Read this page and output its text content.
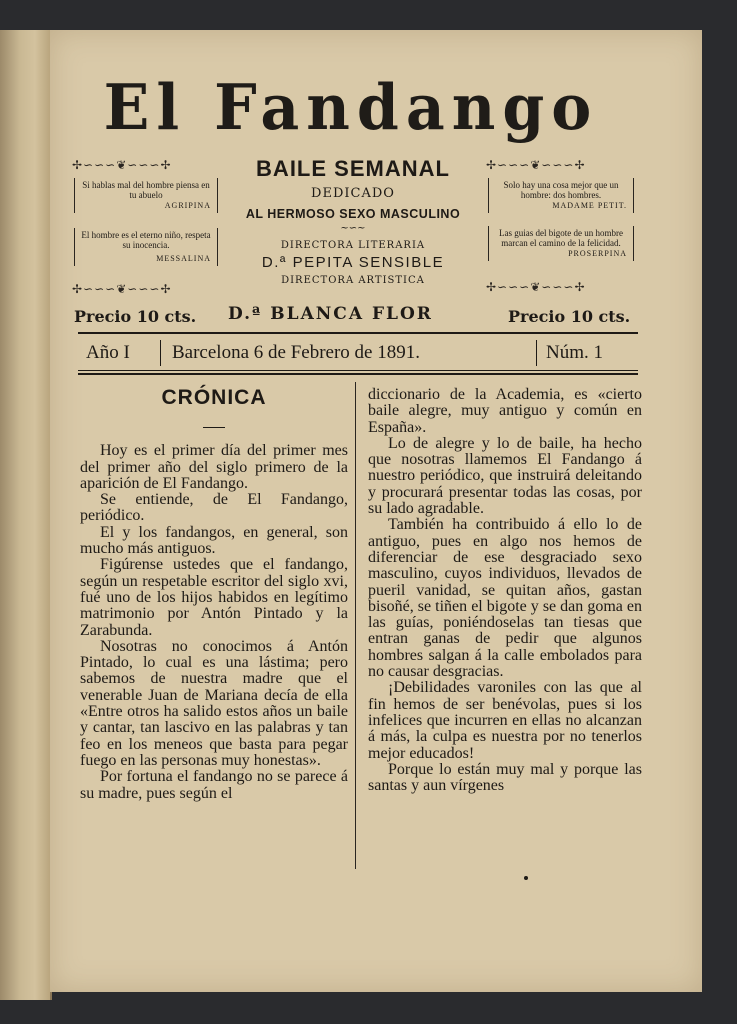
El Fandango
✢∽∽∽❦∽∽∽✢
Si hablas mal del hombre piensa en tu abuelo
AGRIPINA
El hombre es el eterno niño, respeta su inocencia.
MESSALINA
✢∽∽∽❦∽∽∽✢
BAILE SEMANAL
DEDICADO
AL HERMOSO SEXO MASCULINO
~∽~
DIRECTORA LITERARIA
D.ª PEPITA SENSIBLE
DIRECTORA ARTISTICA
✢∽∽∽❦∽∽∽✢
Solo hay una cosa mejor que un hombre: dos hombres.
MADAME PETIT.
Las guias del bigote de un hombre marcan el camino de la felicidad.
PROSERPINA
✢∽∽∽❦∽∽∽✢
Precio 10 cts. D.ª BLANCA FLOR	Precio 10 cts.
Año I Barcelona 6 de Febrero de 1891.	Núm. 1
CRÓNICA

Hoy es el primer día del primer mes del primer año del siglo primero de la aparición de El Fandango.

Se entiende, de El Fandango, periódico.

El y los fandangos, en general, son mucho más antiguos.

Figúrense ustedes que el fandango, según un respetable escritor del siglo xvi, fué uno de los hijos habidos en legítimo matrimonio por Antón Pintado y la Zarabunda.

Nosotras no conocimos á Antón Pintado, lo cual es una lástima; pero sabemos de nuestra madre que el venerable Juan de Mariana decía de ella «Entre otros ha salido estos años un baile y cantar, tan lascivo en las palabras y tan feo en los meneos que basta para pegar fuego en las personas muy honestas».

Por fortuna el fandango no se parece á su madre, pues según el

diccionario de la Academia, es «cierto baile alegre, muy antiguo y común en España».

Lo de alegre y lo de baile, ha hecho que nosotras llamemos El Fandango á nuestro periódico, que instruirá deleitando y procurará presentar todas las cosas, por su lado agradable.

También ha contribuido á ello lo de antiguo, pues en algo nos hemos de diferenciar de ese desgraciado sexo masculino, cuyos individuos, llevados de pueril vanidad, se quitan años, gastan bisoñé, se tiñen el bigote y se dan goma en las guías, poniéndoselas tan tiesas que entran ganas de pedir que algunos hombres salgan á la calle embolados para no causar desgracias.

¡Debilidades varoniles con las que al fin hemos de ser benévolas, pues si los infelices que incurren en ellas no alcanzan á más, la culpa es nuestra por no tenerlos mejor educados!

Porque lo están muy mal y porque las santas y aun vírgenes
